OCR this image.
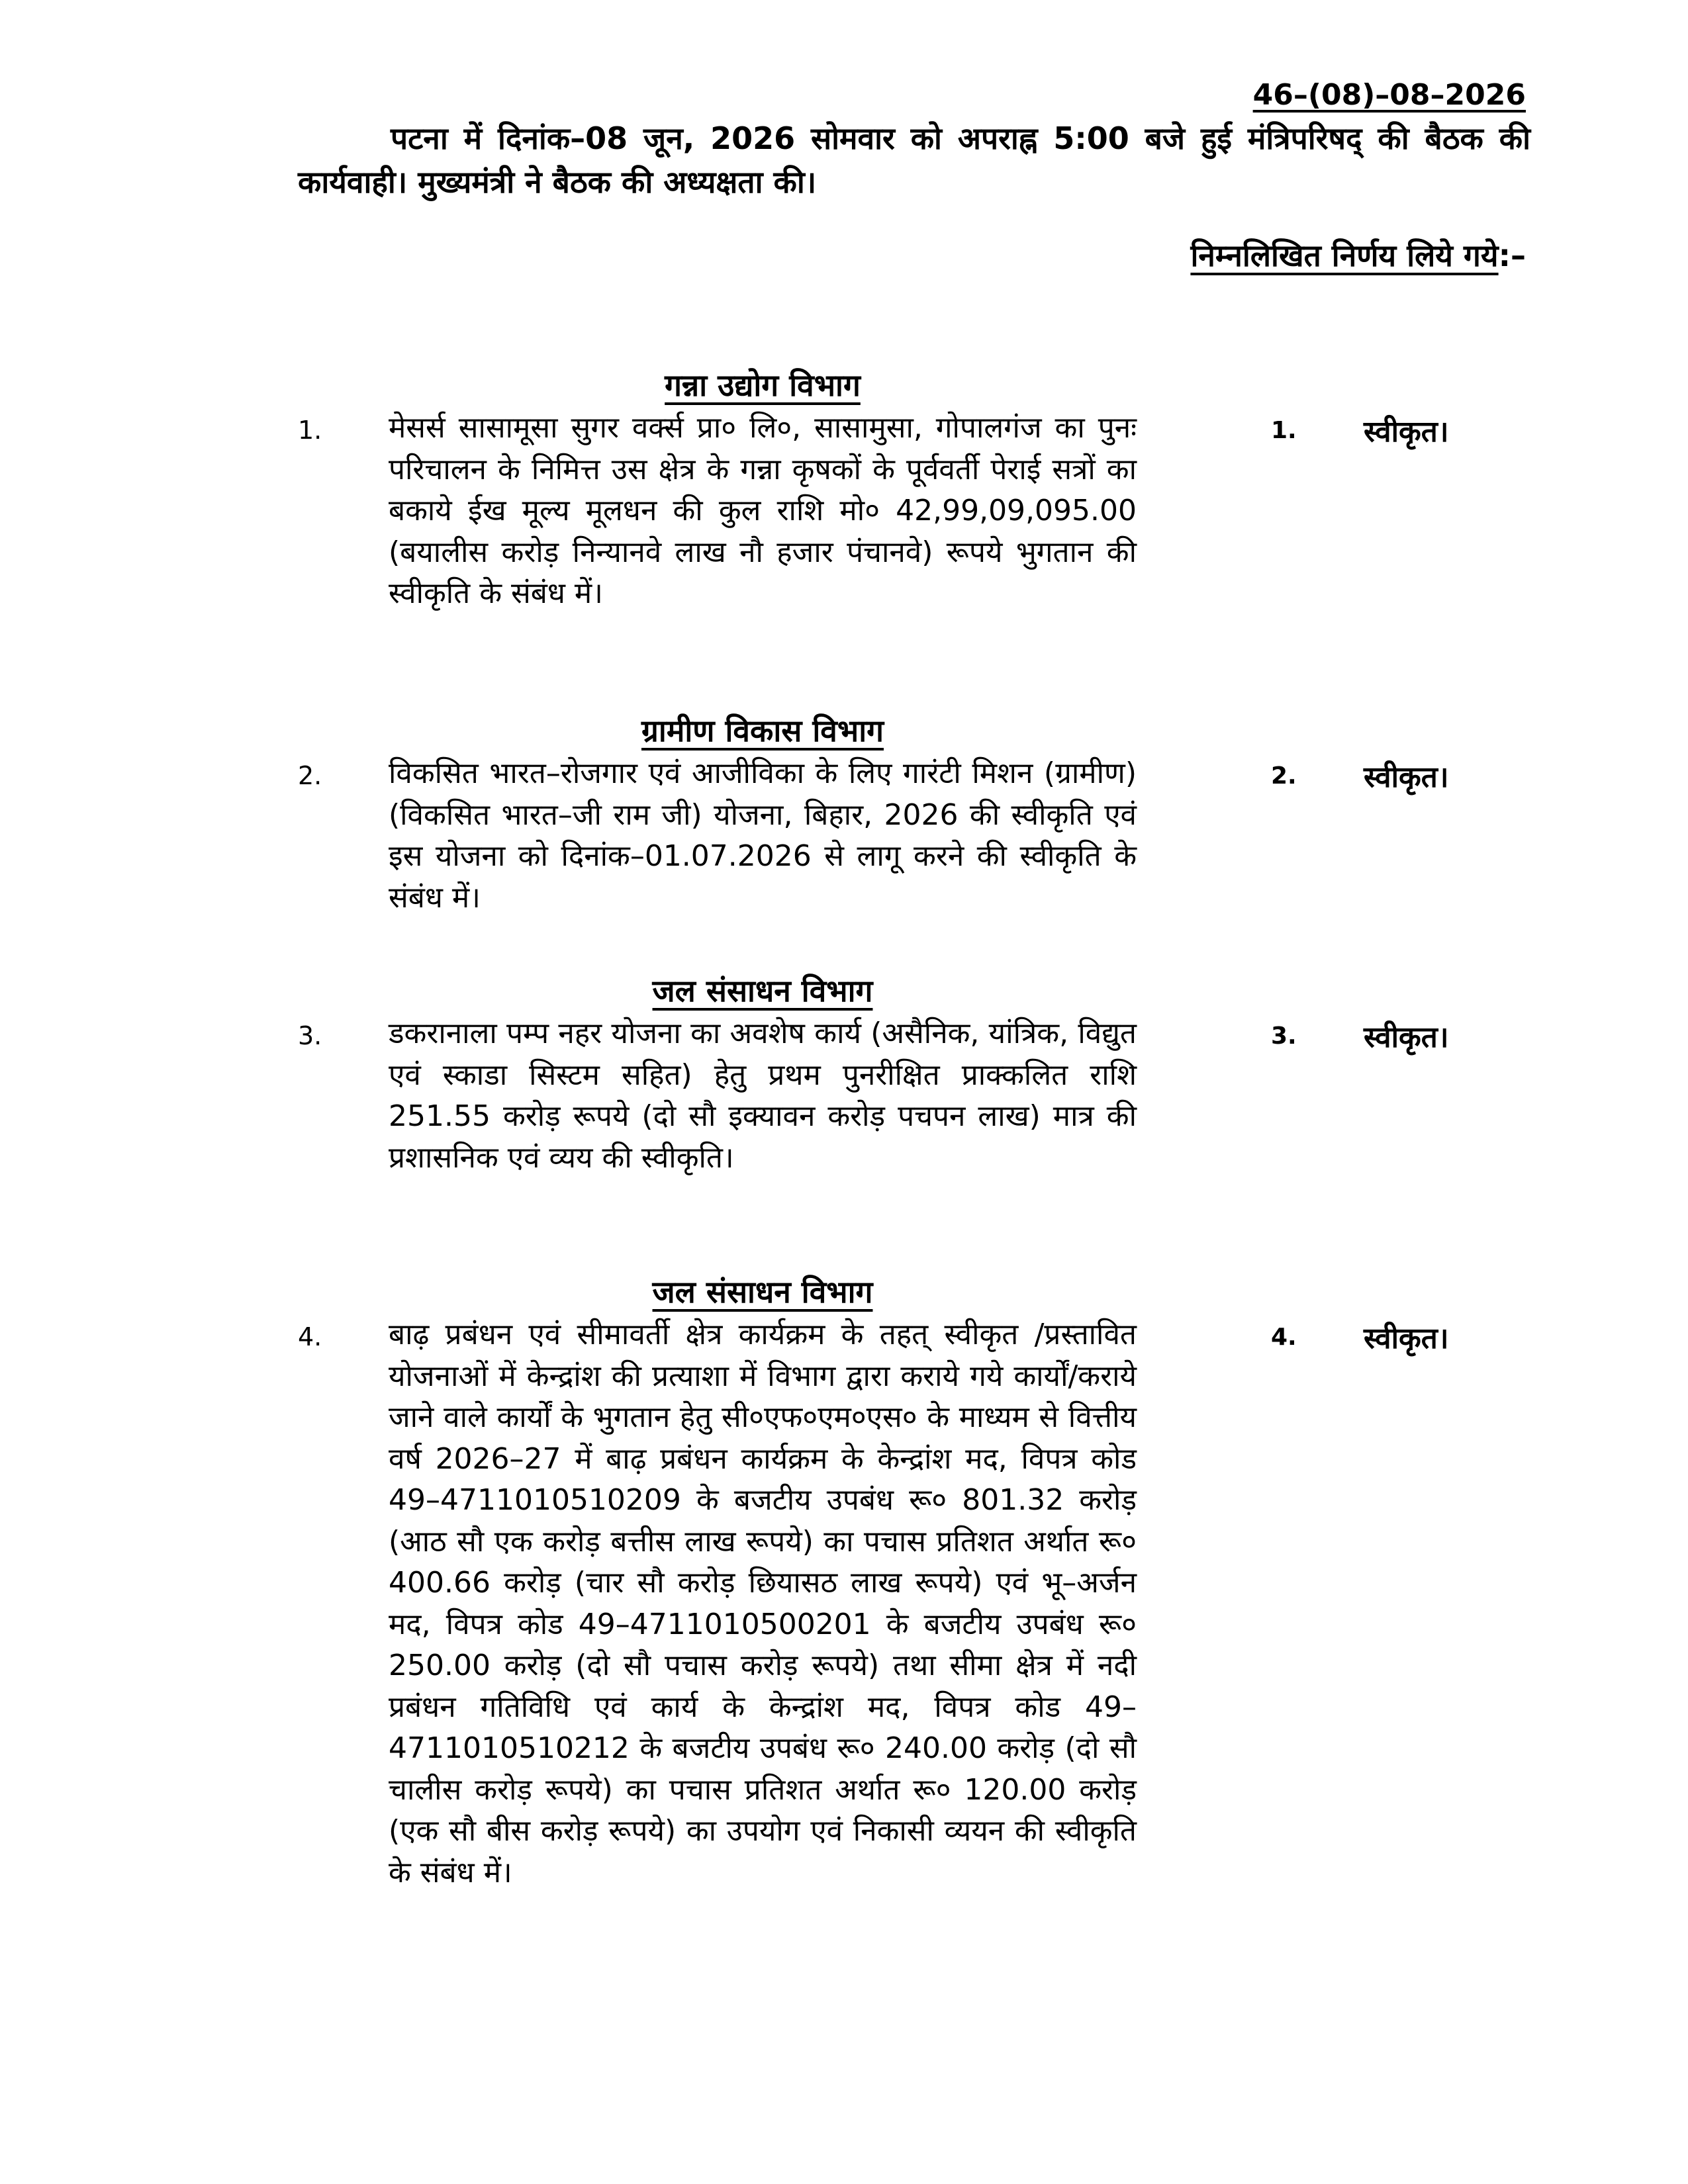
46–(08)–08–2026
पटना में दिनांक–08 जून, 2026 सोमवार को अपराह्न 5:00 बजे हुई मंत्रिपरिषद् की बैठक की कार्यवाही। मुख्यमंत्री ने बैठक की अध्यक्षता की।
निम्नलिखित निर्णय लिये गये:–
गन्ना उद्योग विभाग
1. मेसर्स सासामूसा सुगर वर्क्स प्रा० लि०, सासामुसा, गोपालगंज का पुनः परिचालन के निमित्त उस क्षेत्र के गन्ना कृषकों के पूर्ववर्ती पेराई सत्रों का बकाये ईख मूल्य मूलधन की कुल राशि मो० 42,99,09,095.00 (बयालीस करोड़ निन्यानवे लाख नौ हजार पंचानवे) रूपये भुगतान की स्वीकृति के संबंध में।
1. स्वीकृत।
ग्रामीण विकास विभाग
2. विकसित भारत–रोजगार एवं आजीविका के लिए गारंटी मिशन (ग्रामीण) (विकसित भारत–जी राम जी) योजना, बिहार, 2026 की स्वीकृति एवं इस योजना को दिनांक–01.07.2026 से लागू करने की स्वीकृति के संबंध में।
2. स्वीकृत।
जल संसाधन विभाग
3. डकरानाला पम्प नहर योजना का अवशेष कार्य (असैनिक, यांत्रिक, विद्युत एवं स्काडा सिस्टम सहित) हेतु प्रथम पुनरीक्षित प्राक्कलित राशि 251.55 करोड़ रूपये (दो सौ इक्यावन करोड़ पचपन लाख) मात्र की प्रशासनिक एवं व्यय की स्वीकृति।
3. स्वीकृत।
जल संसाधन विभाग
4. बाढ़ प्रबंधन एवं सीमावर्ती क्षेत्र कार्यक्रम के तहत् स्वीकृत /प्रस्तावित योजनाओं में केन्द्रांश की प्रत्याशा में विभाग द्वारा कराये गये कार्यों/कराये जाने वाले कार्यों के भुगतान हेतु सी०एफ०एम०एस० के माध्यम से वित्तीय वर्ष 2026–27 में बाढ़ प्रबंधन कार्यक्रम के केन्द्रांश मद, विपत्र कोड 49–4711010510209 के बजटीय उपबंध रू० 801.32 करोड़ (आठ सौ एक करोड़ बत्तीस लाख रूपये) का पचास प्रतिशत अर्थात रू० 400.66 करोड़ (चार सौ करोड़ छियासठ लाख रूपये) एवं भू–अर्जन मद, विपत्र कोड 49–4711010500201 के बजटीय उपबंध रू० 250.00 करोड़ (दो सौ पचास करोड़ रूपये) तथा सीमा क्षेत्र में नदी प्रबंधन गतिविधि एवं कार्य के केन्द्रांश मद, विपत्र कोड 49–4711010510212 के बजटीय उपबंध रू० 240.00 करोड़ (दो सौ चालीस करोड़ रूपये) का पचास प्रतिशत अर्थात रू० 120.00 करोड़ (एक सौ बीस करोड़ रूपये) का उपयोग एवं निकासी व्ययन की स्वीकृति के संबंध में।
4. स्वीकृत।
